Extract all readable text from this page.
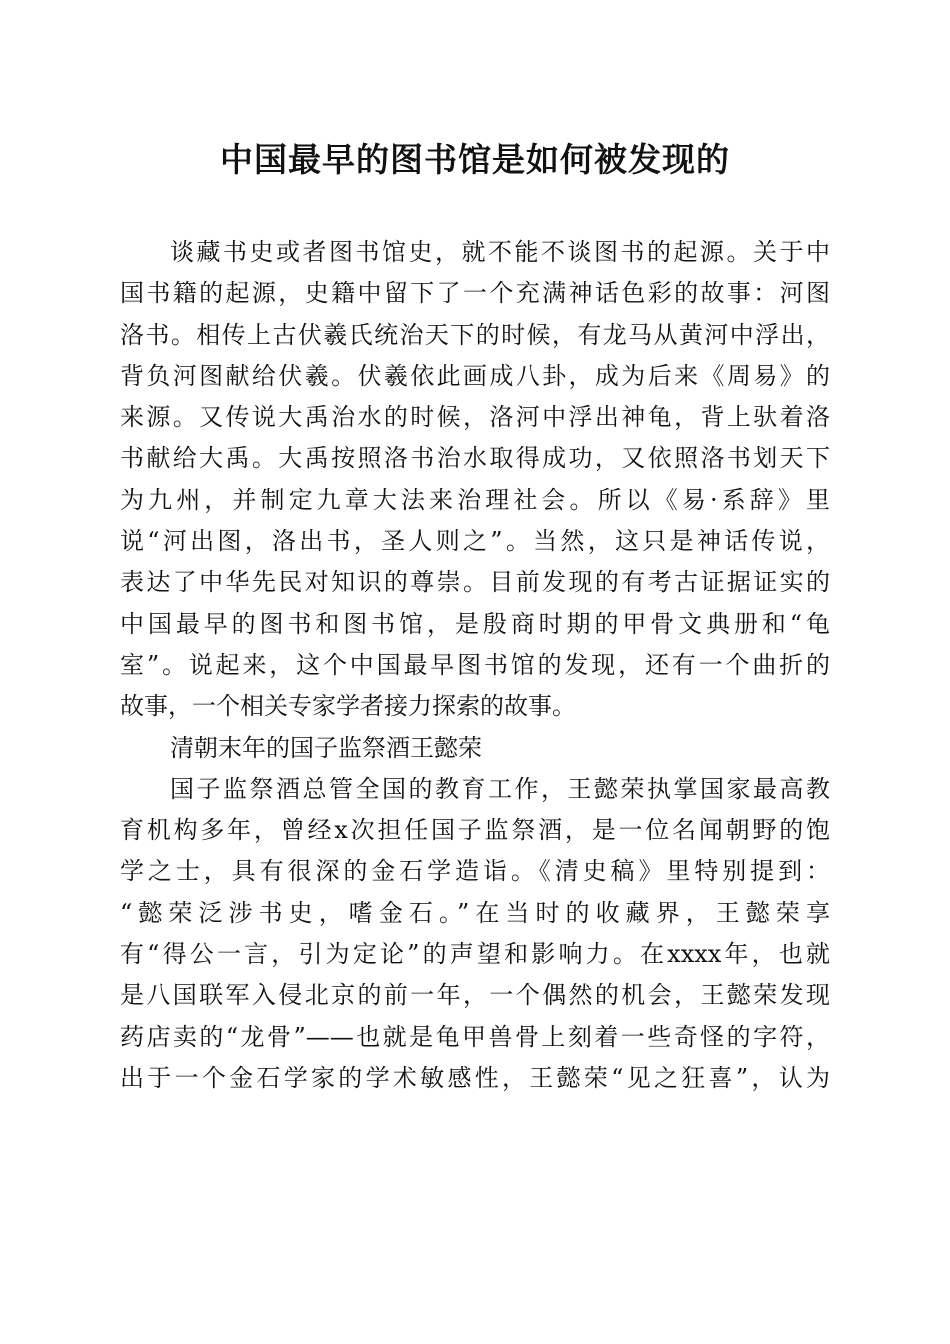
中国最早的图书馆是如何被发现的
谈藏书史或者图书馆史，就不能不谈图书的起源。关于中
国书籍的起源，史籍中留下了一个充满神话色彩的故事：河图
洛书。相传上古伏羲氏统治天下的时候，有龙马从黄河中浮出，
背负河图献给伏羲。伏羲依此画成八卦，成为后来《周易》的
来源。又传说大禹治水的时候，洛河中浮出神龟，背上驮着洛
书献给大禹。大禹按照洛书治水取得成功，又依照洛书划天下
为九州，并制定九章大法来治理社会。所以《易·系辞》里
说“河出图，洛出书，圣人则之”。当然，这只是神话传说，
表达了中华先民对知识的尊崇。目前发现的有考古证据证实的
中国最早的图书和图书馆，是殷商时期的甲骨文典册和“龟
室”。说起来，这个中国最早图书馆的发现，还有一个曲折的
故事，一个相关专家学者接力探索的故事。
清朝末年的国子监祭酒王懿荣
国子监祭酒总管全国的教育工作，王懿荣执掌国家最高教
育机构多年，曾经x次担任国子监祭酒，是一位名闻朝野的饱
学之士，具有很深的金石学造诣。《清史稿》里特别提到：
“懿荣泛涉书史，嗜金石。”在当时的收藏界，王懿荣享
有“得公一言，引为定论”的声望和影响力。在xxxx年，也就
是八国联军入侵北京的前一年，一个偶然的机会，王懿荣发现
药店卖的“龙骨”——也就是龟甲兽骨上刻着一些奇怪的字符，
出于一个金石学家的学术敏感性，王懿荣“见之狂喜”，认为
